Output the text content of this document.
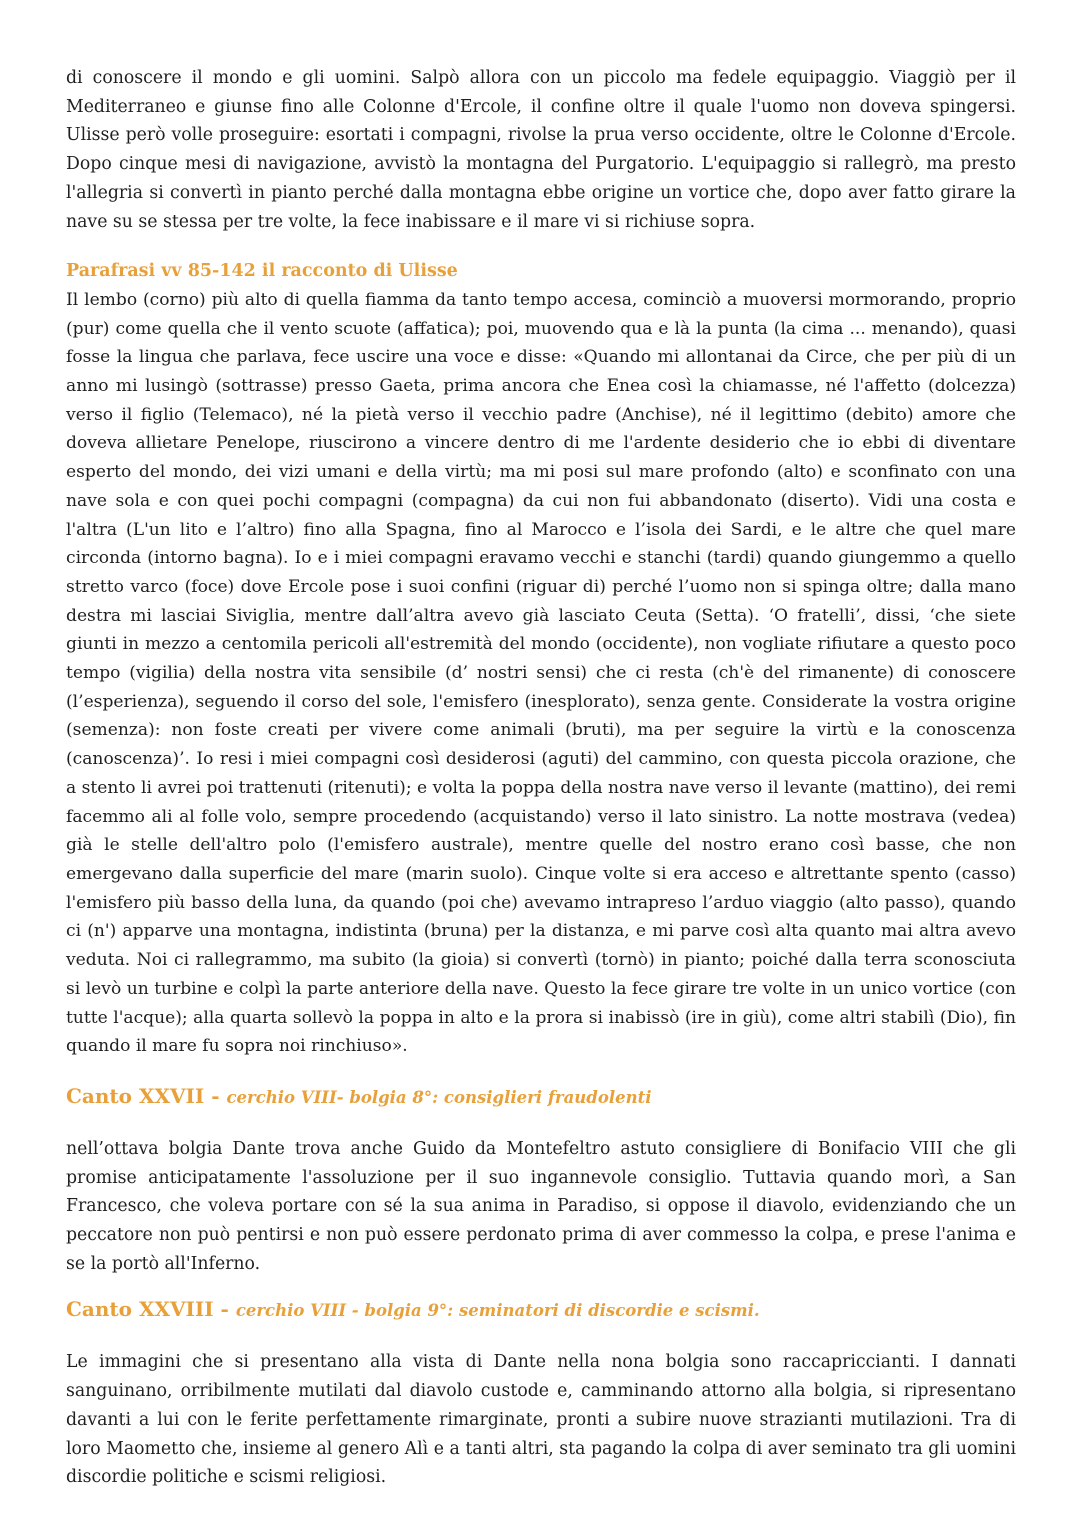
di conoscere il mondo e gli uomini. Salpò allora con un piccolo ma fedele equipaggio. Viaggiò per il Mediterraneo e giunse fino alle Colonne d'Ercole, il confine oltre il quale l'uomo non doveva spingersi. Ulisse però volle proseguire: esortati i compagni, rivolse la prua verso occidente, oltre le Colonne d'Ercole. Dopo cinque mesi di navigazione, avvistò la montagna del Purgatorio. L'equipaggio si rallegrò, ma presto l'allegria si convertì in pianto perché dalla montagna ebbe origine un vortice che, dopo aver fatto girare la nave su se stessa per tre volte, la fece inabissare e il mare vi si richiuse sopra.

Parafrasi vv 85-142 il racconto di Ulisse

Il lembo (corno) più alto di quella fiamma da tanto tempo accesa, cominciò a muoversi mormorando, proprio (pur) come quella che il vento scuote (affatica); poi, muovendo qua e là la punta (la cima ... menando), quasi fosse la lingua che parlava, fece uscire una voce e disse: «Quando mi allontanai da Circe, che per più di un anno mi lusingò (sottrasse) presso Gaeta, prima ancora che Enea così la chiamasse, né l'affetto (dolcezza) verso il figlio (Telemaco), né la pietà verso il vecchio padre (Anchise), né il legittimo (debito) amore che doveva allietare Penelope, riuscirono a vincere dentro di me l'ardente desiderio che io ebbi di diventare esperto del mondo, dei vizi umani e della virtù; ma mi posi sul mare profondo (alto) e sconfinato con una nave sola e con quei pochi compagni (compagna) da cui non fui abbandonato (diserto). Vidi una costa e l'altra (L'un lito e l’altro) fino alla Spagna, fino al Marocco e l’isola dei Sardi, e le altre che quel mare circonda (intorno bagna). Io e i miei compagni eravamo vecchi e stanchi (tardi) quando giungemmo a quello stretto varco (foce) dove Ercole pose i suoi confini (riguar di) perché l’uomo non si spinga oltre; dalla mano destra mi lasciai Siviglia, mentre dall’altra avevo già lasciato Ceuta (Setta). ‘O fratelli’, dissi, ‘che siete giunti in mezzo a centomila pericoli all'estremità del mondo (occidente), non vogliate rifiutare a questo poco tempo (vigilia) della nostra vita sensibile (d’ nostri sensi) che ci resta (ch'è del rimanente) di conoscere (l’esperienza), seguendo il corso del sole, l'emisfero (inesplorato), senza gente. Considerate la vostra origine (semenza): non foste creati per vivere come animali (bruti), ma per seguire la virtù e la conoscenza (canoscenza)’. Io resi i miei compagni così desiderosi (aguti) del cammino, con questa piccola orazione, che a stento li avrei poi trattenuti (ritenuti); e volta la poppa della nostra nave verso il levante (mattino), dei remi facemmo ali al folle volo, sempre procedendo (acquistando) verso il lato sinistro. La notte mostrava (vedea) già le stelle dell'altro polo (l'emisfero australe), mentre quelle del nostro erano così basse, che non emergevano dalla superficie del mare (marin suolo). Cinque volte si era acceso e altrettante spento (casso) l'emisfero più basso della luna, da quando (poi che) avevamo intrapreso l’arduo viaggio (alto passo), quando ci (n') apparve una montagna, indistinta (bruna) per la distanza, e mi parve così alta quanto mai altra avevo veduta. Noi ci rallegrammo, ma subito (la gioia) si convertì (tornò) in pianto; poiché dalla terra sconosciuta si levò un turbine e colpì la parte anteriore della nave. Questo la fece girare tre volte in un unico vortice (con tutte l'acque); alla quarta sollevò la poppa in alto e la prora si inabissò (ire in giù), come altri stabilì (Dio), fin quando il mare fu sopra noi rinchiuso».

Canto XXVII - cerchio VIII- bolgia 8°: consiglieri fraudolenti

nell’ottava bolgia Dante trova anche Guido da Montefeltro astuto consigliere di Bonifacio VIII che gli promise anticipatamente l'assoluzione per il suo ingannevole consiglio. Tuttavia quando morì, a San Francesco, che voleva portare con sé la sua anima in Paradiso, si oppose il diavolo, evidenziando che un peccatore non può pentirsi e non può essere perdonato prima di aver commesso la colpa, e prese l'anima e se la portò all'Inferno.

Canto XXVIII - cerchio VIII - bolgia 9°: seminatori di discordie e scismi.

Le immagini che si presentano alla vista di Dante nella nona bolgia sono raccapriccianti. I dannati sanguinano, orribilmente mutilati dal diavolo custode e, camminando attorno alla bolgia, si ripresentano davanti a lui con le ferite perfettamente rimarginate, pronti a subire nuove strazianti mutilazioni. Tra di loro Maometto che, insieme al genero Alì e a tanti altri, sta pagando la colpa di aver seminato tra gli uomini discordie politiche e scismi religiosi.
